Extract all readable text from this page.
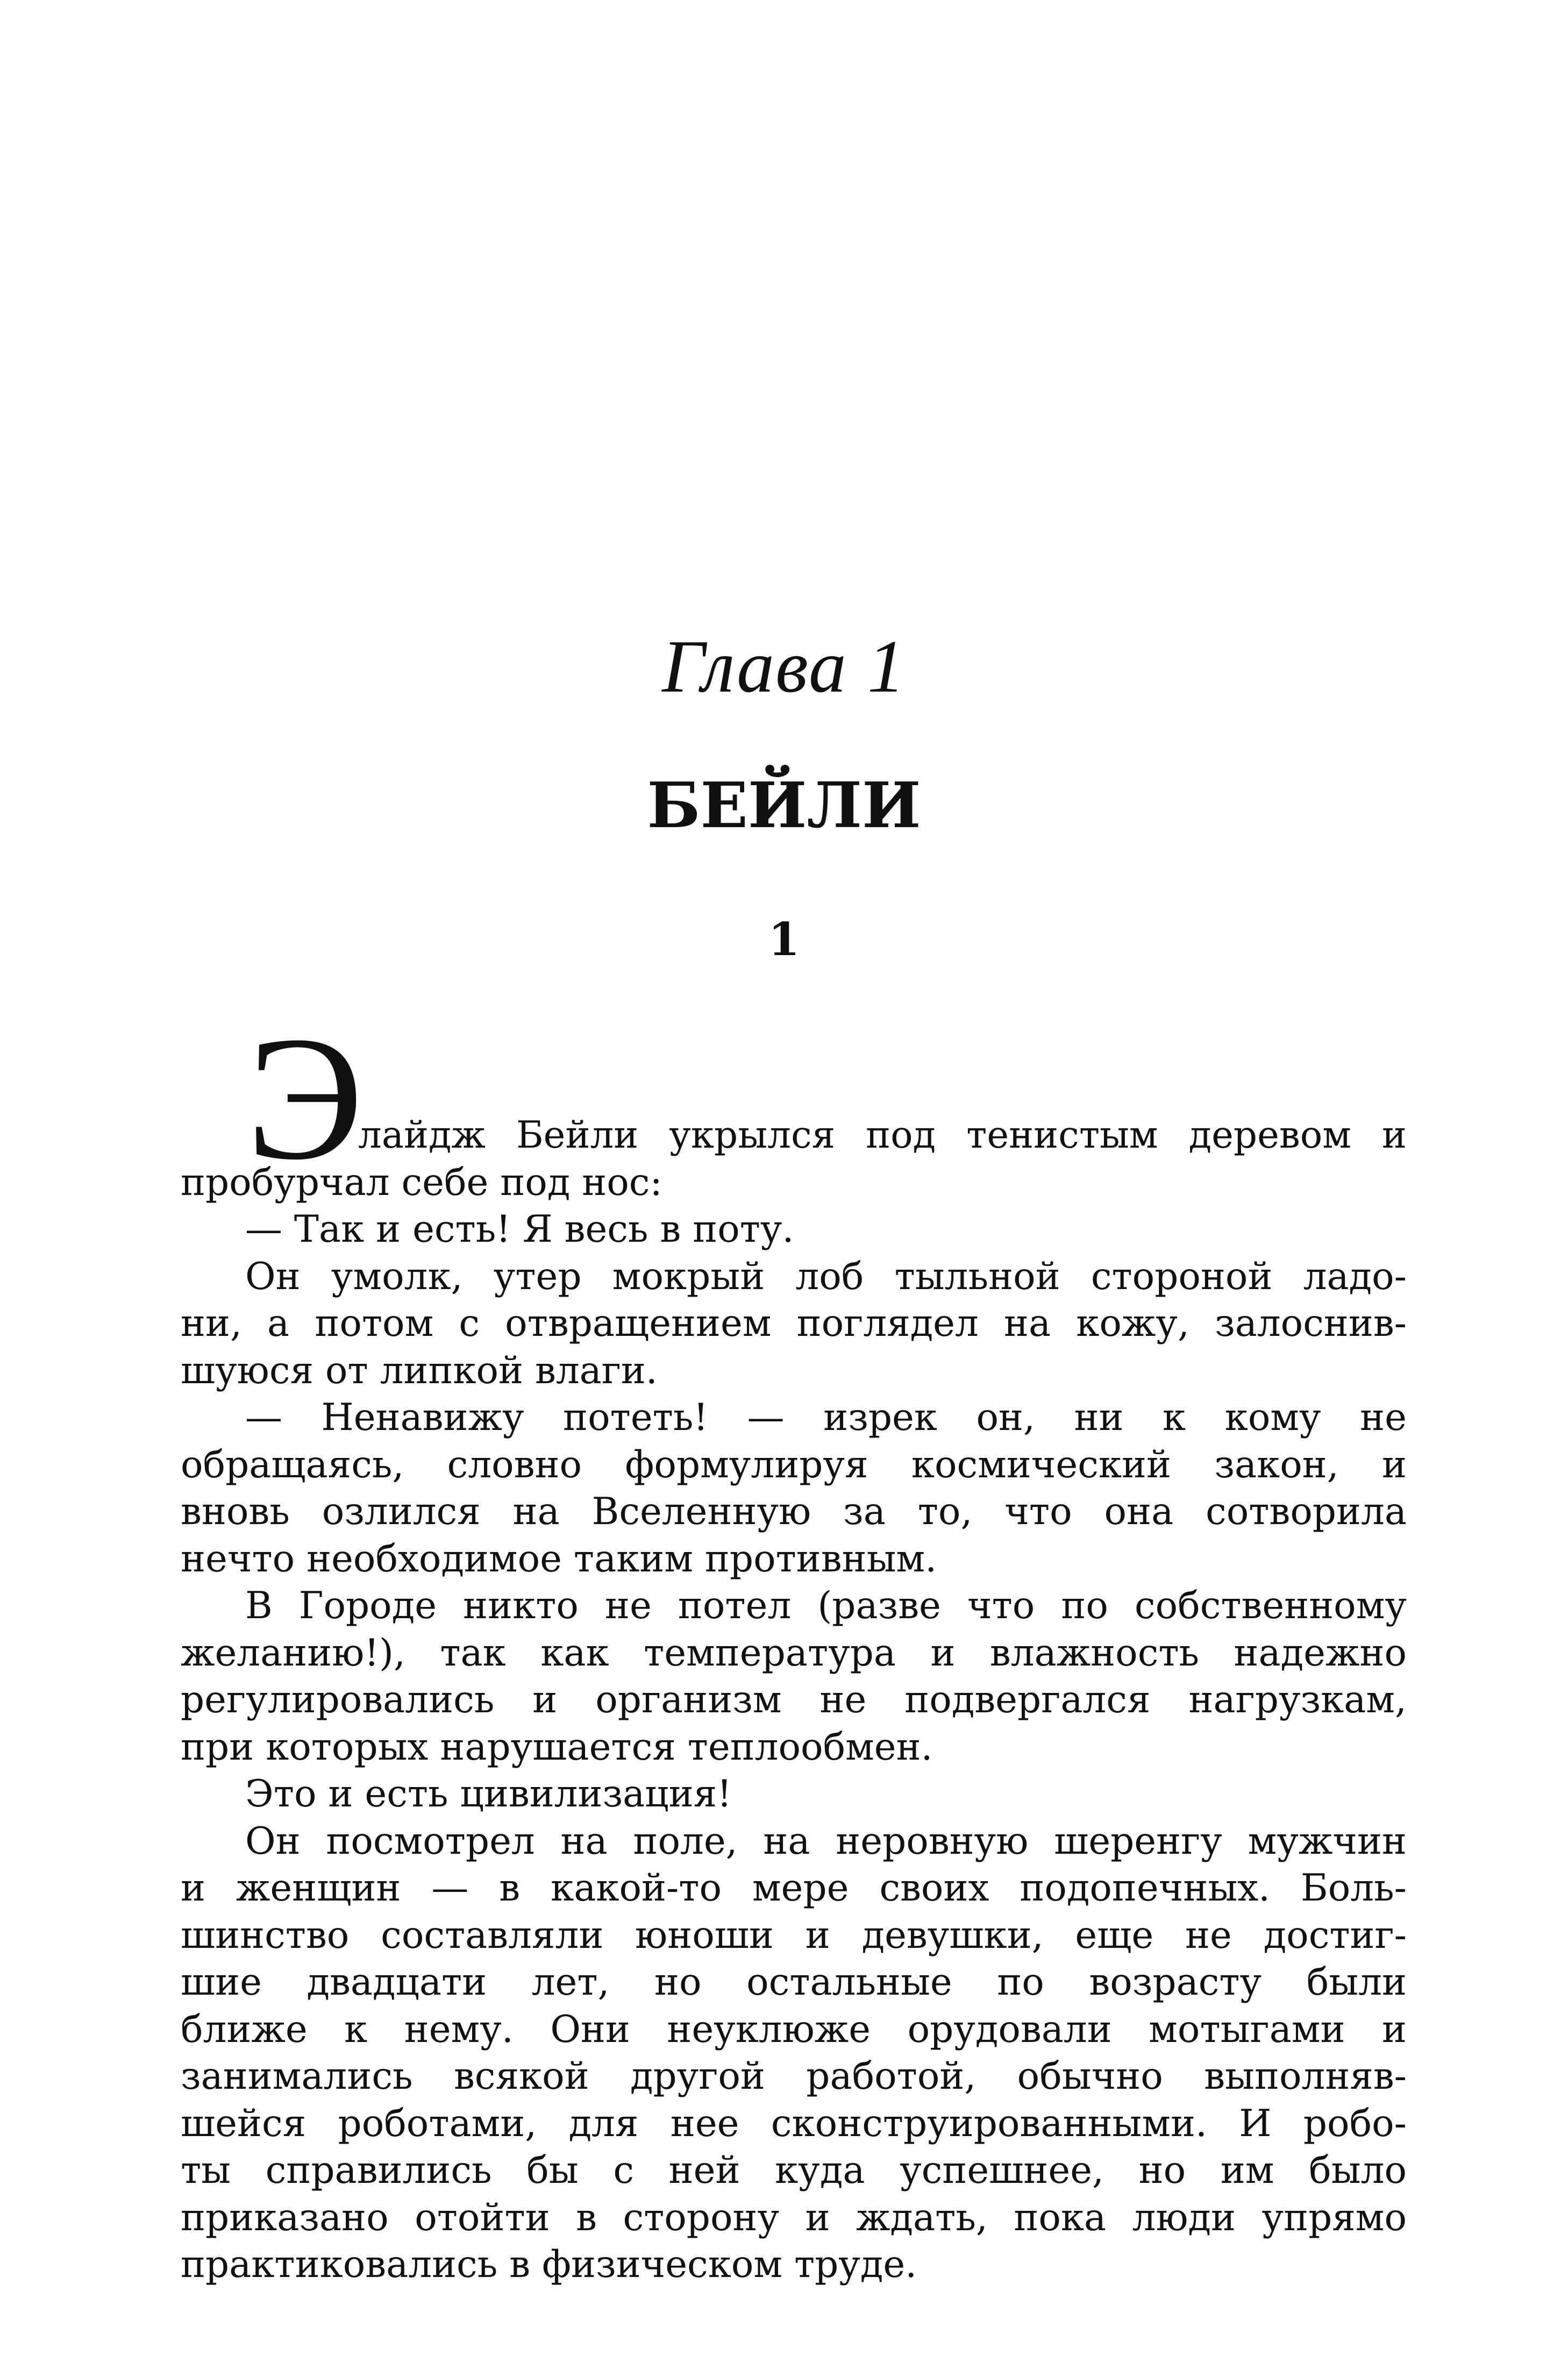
Глава 1
БЕЙЛИ
1
Э
лайдж Бейли укрылся под тенистым деревом и
пробурчал себе под нос:
— Так и есть! Я весь в поту.
Он умолк, утер мокрый лоб тыльной стороной ладо-
ни, а потом с отвращением поглядел на кожу, залоснив-
шуюся от липкой влаги.
— Ненавижу потеть! — изрек он, ни к кому не
обращаясь, словно формулируя космический закон, и
вновь озлился на Вселенную за то, что она сотворила
нечто необходимое таким противным.
В Городе никто не потел (разве что по собственному
желанию!), так как температура и влажность надежно
регулировались и организм не подвергался нагрузкам,
при которых нарушается теплообмен.
Это и есть цивилизация!
Он посмотрел на поле, на неровную шеренгу мужчин
и женщин — в какой-то мере своих подопечных. Боль-
шинство составляли юноши и девушки, еще не достиг-
шие двадцати лет, но остальные по возрасту были
ближе к нему. Они неуклюже орудовали мотыгами и
занимались всякой другой работой, обычно выполняв-
шейся роботами, для нее сконструированными. И робо-
ты справились бы с ней куда успешнее, но им было
приказано отойти в сторону и ждать, пока люди упрямо
практиковались в физическом труде.
